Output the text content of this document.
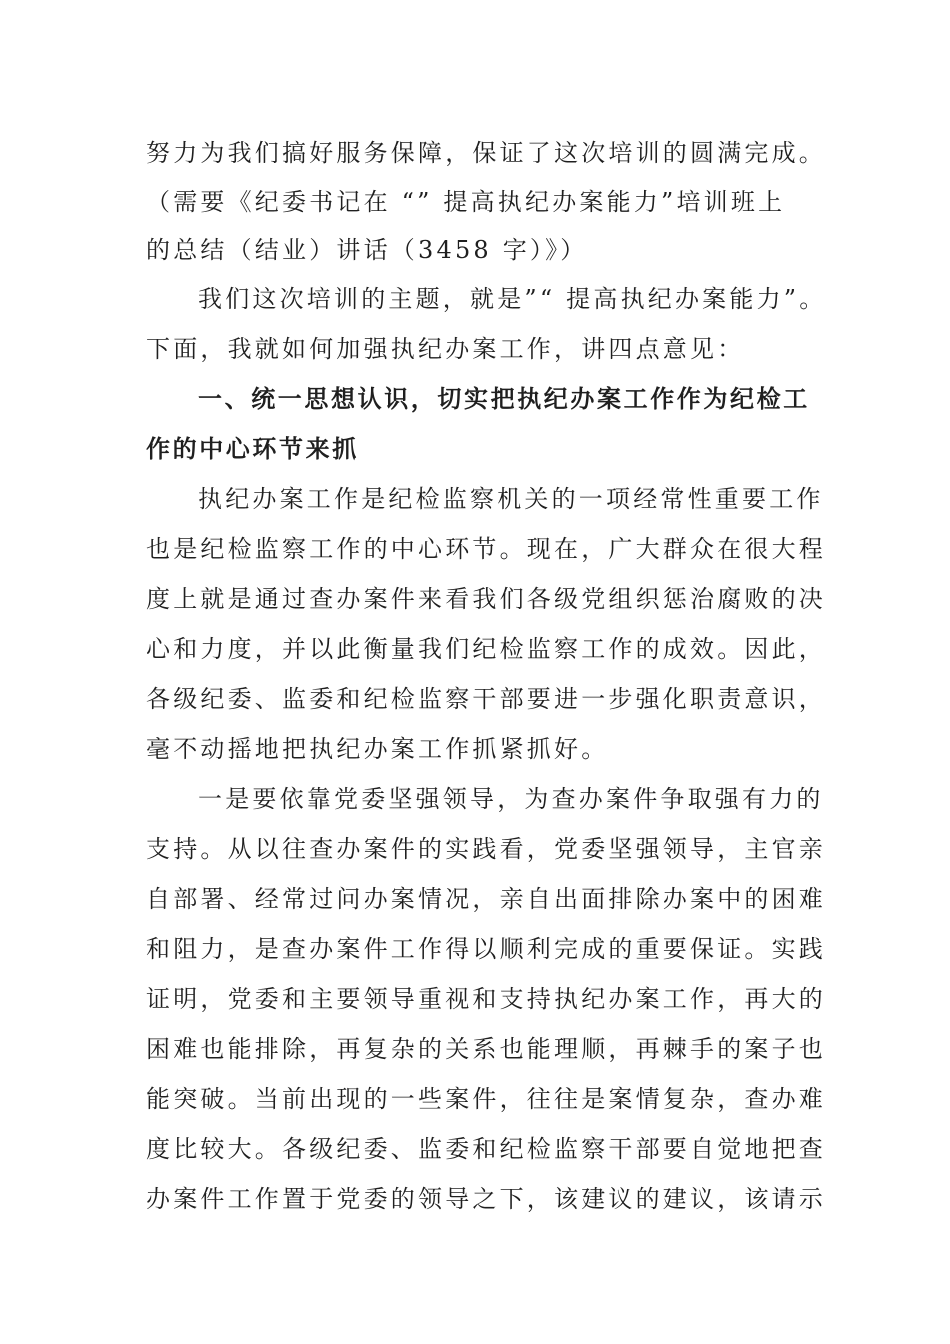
努力为我们搞好服务保障，保证了这次培训的圆满完成。
（需要《纪委书记在 “” 提高执纪办案能力”培训班上
的总结（结业）讲话（3458 字）》）
我们这次培训的主题，就是”“ 提高执纪办案能力”。
下面，我就如何加强执纪办案工作，讲四点意见：
一、统一思想认识，切实把执纪办案工作作为纪检工
作的中心环节来抓
执纪办案工作是纪检监察机关的一项经常性重要工作
也是纪检监察工作的中心环节。现在，广大群众在很大程
度上就是通过查办案件来看我们各级党组织惩治腐败的决
心和力度，并以此衡量我们纪检监察工作的成效。因此，
各级纪委、监委和纪检监察干部要进一步强化职责意识，
毫不动摇地把执纪办案工作抓紧抓好。
一是要依靠党委坚强领导，为查办案件争取强有力的
支持。从以往查办案件的实践看，党委坚强领导，主官亲
自部署、经常过问办案情况，亲自出面排除办案中的困难
和阻力，是查办案件工作得以顺利完成的重要保证。实践
证明，党委和主要领导重视和支持执纪办案工作，再大的
困难也能排除，再复杂的关系也能理顺，再棘手的案子也
能突破。当前出现的一些案件，往往是案情复杂，查办难
度比较大。各级纪委、监委和纪检监察干部要自觉地把查
办案件工作置于党委的领导之下，该建议的建议，该请示
